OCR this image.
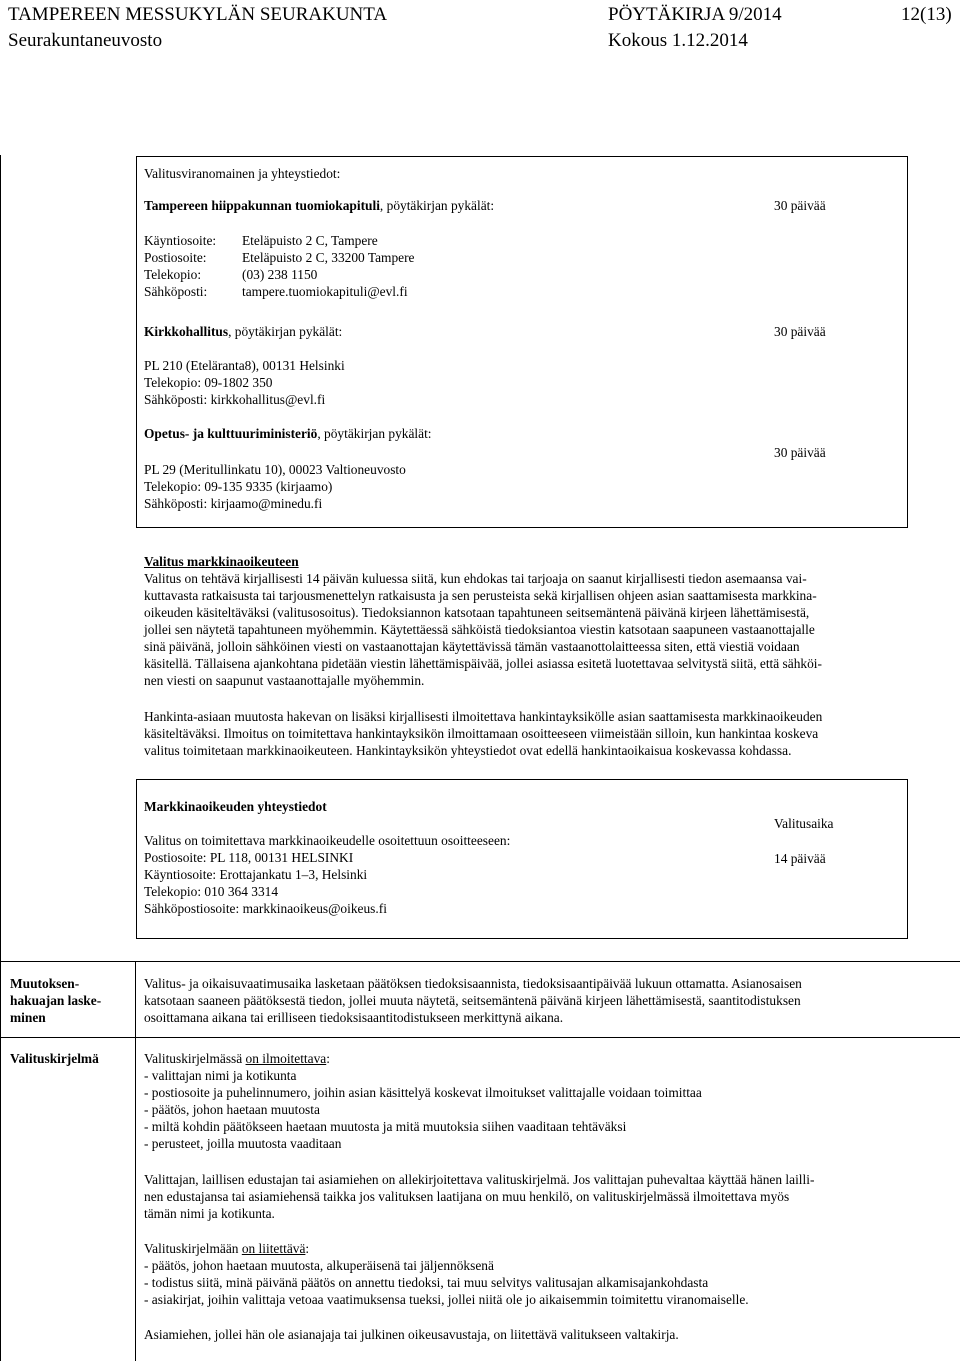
TAMPEREEN MESSUKYLÄN SEURAKUNTA	PÖYTÄKIRJA 9/2014	12(13)
Seurakuntaneuvosto	Kokous 1.12.2014
Valitusviranomainen ja yhteystiedot:
Tampereen hiippakunnan tuomiokapituli, pöytäkirjan pykälät:	30 päivää
Käyntiosoite: Eteläpuisto 2 C, Tampere
Postiosoite:	Eteläpuisto 2 C, 33200 Tampere
Telekopio:	(03) 238 1150
Sähköposti:	tampere.tuomiokapituli@evl.fi
Kirkkohallitus, pöytäkirjan pykälät:	30 päivää
PL 210 (Eteläranta8), 00131 Helsinki
Telekopio: 09-1802 350
Sähköposti: kirkkohallitus@evl.fi
Opetus- ja kulttuuriministeriö, pöytäkirjan pykälät:
30 päivää
PL 29 (Meritullinkatu 10), 00023 Valtioneuvosto
Telekopio: 09-135 9335 (kirjaamo)
Sähköposti: kirjaamo@minedu.fi
Valitus markkinaoikeuteen
Valitus on tehtävä kirjallisesti 14 päivän kuluessa siitä, kun ehdokas tai tarjoaja on saanut kirjallisesti tiedon asemaansa vai-
kuttavasta ratkaisusta tai tarjousmenettelyn ratkaisusta ja sen perusteista sekä kirjallisen ohjeen asian saattamisesta markkina-
oikeuden käsiteltäväksi (valitusosoitus). Tiedoksiannon katsotaan tapahtuneen seitsemäntenä päivänä kirjeen lähettämisestä,
jollei sen näytetä tapahtuneen myöhemmin. Käytettäessä sähköistä tiedoksiantoa viestin katsotaan saapuneen vastaanottajalle
sinä päivänä, jolloin sähköinen viesti on vastaanottajan käytettävissä tämän vastaanottolaitteessa siten, että viestiä voidaan
käsitellä. Tällaisena ajankohtana pidetään viestin lähettämispäivää, jollei asiassa esitetä luotettavaa selvitystä siitä, että sähköi-
nen viesti on saapunut vastaanottajalle myöhemmin.
Hankinta-asiaan muutosta hakevan on lisäksi kirjallisesti ilmoitettava hankintayksikölle asian saattamisesta markkinaoikeuden
käsiteltäväksi. Ilmoitus on toimitettava hankintayksikön ilmoittamaan osoitteeseen viimeistään silloin, kun hankintaa koskeva
valitus toimitetaan markkinaoikeuteen. Hankintayksikön yhteystiedot ovat edellä hankintaoikaisua koskevassa kohdassa.
Markkinaoikeuden yhteystiedot
Valitus on toimitettava markkinaoikeudelle osoitettuun osoitteeseen:
Postiosoite: PL 118, 00131 HELSINKI
Käyntiosoite: Erottajankatu 1–3, Helsinki
Telekopio: 010 364 3314
Sähköpostiosoite: markkinaoikeus@oikeus.fi
Valitusaika
14 päivää
Muutoksen-
hakuajan laske-
minen
Valitus- ja oikaisuvaatimusaika lasketaan päätöksen tiedoksisaannista, tiedoksisaantipäivää lukuun ottamatta. Asianosaisen
katsotaan saaneen päätöksestä tiedon, jollei muuta näytetä, seitsemäntenä päivänä kirjeen lähettämisestä, saantitodistuksen
osoittamana aikana tai erilliseen tiedoksisaantitodistukseen merkittynä aikana.
Valituskirjelmä	Valituskirjelmässä on ilmoitettava:
- valittajan nimi ja kotikunta
- postiosoite ja puhelinnumero, joihin asian käsittelyä koskevat ilmoitukset valittajalle voidaan toimittaa
- päätös, johon haetaan muutosta
- miltä kohdin päätökseen haetaan muutosta ja mitä muutoksia siihen vaaditaan tehtäväksi
- perusteet, joilla muutosta vaaditaan
Valittajan, laillisen edustajan tai asiamiehen on allekirjoitettava valituskirjelmä. Jos valittajan puhevaltaa käyttää hänen lailli-
nen edustajansa tai asiamiehensä taikka jos valituksen laatijana on muu henkilö, on valituskirjelmässä ilmoitettava myös
tämän nimi ja kotikunta.
Valituskirjelmään on liitettävä:
- päätös, johon haetaan muutosta, alkuperäisenä tai jäljennöksenä
- todistus siitä, minä päivänä päätös on annettu tiedoksi, tai muu selvitys valitusajan alkamisajankohdasta
- asiakirjat, joihin valittaja vetoaa vaatimuksensa tueksi, jollei niitä ole jo aikaisemmin toimitettu viranomaiselle.
Asiamiehen, jollei hän ole asianajaja tai julkinen oikeusavustaja, on liitettävä valitukseen valtakirja.
